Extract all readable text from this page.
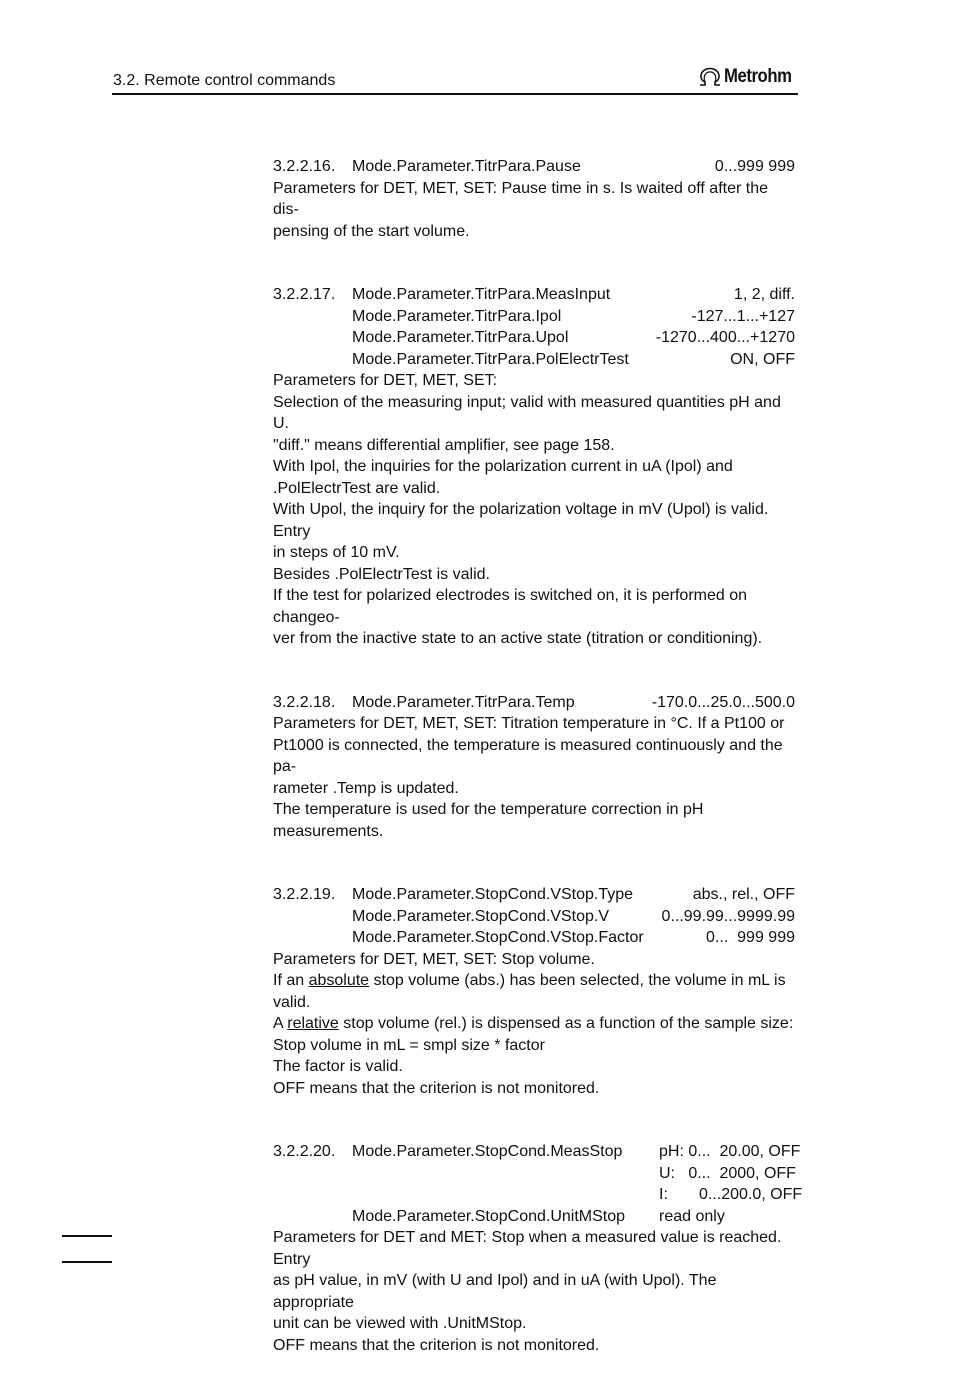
3.2. Remote control commands	Metrohm
3.2.2.16. Mode.Parameter.TitrPara.Pause	0...999 999

Parameters for DET, MET, SET: Pause time in s. Is waited off after the dis-

pensing of the start volume.

3.2.2.17. Mode.Parameter.TitrPara.MeasInput	1, 2, diff.
Mode.Parameter.TitrPara.Ipol	-127...1...+127
Mode.Parameter.TitrPara.Upol	-1270...400...+1270
Mode.Parameter.TitrPara.PolElectrTest	ON, OFF

Parameters for DET, MET, SET:

Selection of the measuring input; valid with measured quantities pH and U.

"diff." means differential amplifier, see page 158.

With Ipol, the inquiries for the polarization current in uA (Ipol) and

.PolElectrTest are valid.

With Upol, the inquiry for the polarization voltage in mV (Upol) is valid. Entry

in steps of 10 mV.

Besides .PolElectrTest is valid.

If the test for polarized electrodes is switched on, it is performed on changeo-

ver from the inactive state to an active state (titration or conditioning).

3.2.2.18. Mode.Parameter.TitrPara.Temp	-170.0...25.0...500.0

Parameters for DET, MET, SET: Titration temperature in °C. If a Pt100 or

Pt1000 is connected, the temperature is measured continuously and the pa-

rameter .Temp is updated.

The temperature is used for the temperature correction in pH measurements.

3.2.2.19. Mode.Parameter.StopCond.VStop.Type	abs., rel., OFF
Mode.Parameter.StopCond.VStop.V	0...99.99...9999.99
Mode.Parameter.StopCond.VStop.Factor	0...  999 999

Parameters for DET, MET, SET: Stop volume.

If an absolute stop volume (abs.) has been selected, the volume in mL is

valid.

A relative stop volume (rel.) is dispensed as a function of the sample size:

Stop volume in mL = smpl size * factor

The factor is valid.

OFF means that the criterion is not monitored.

3.2.2.20. Mode.Parameter.StopCond.MeasStop pH: 0...  20.00, OFF
U:   0...  2000, OFF
I:       0...200.0, OFF
Mode.Parameter.StopCond.UnitMStop read only

Parameters for DET and MET: Stop when a measured value is reached. Entry

as pH value, in mV (with U and Ipol) and in uA (with Upol). The appropriate

unit can be viewed with .UnitMStop.

OFF means that the criterion is not monitored.
